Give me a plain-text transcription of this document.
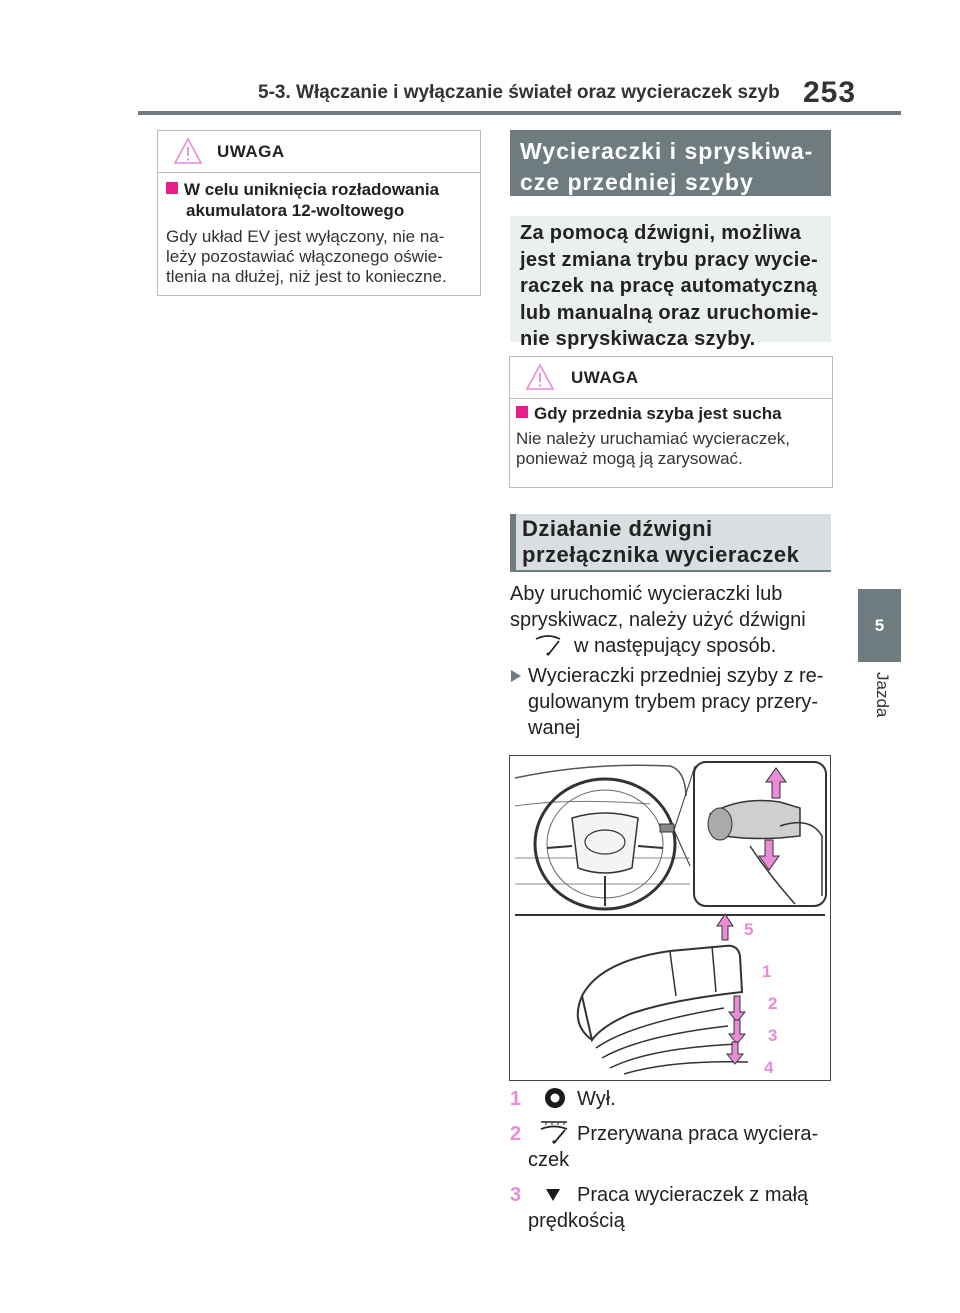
5-3. Włączanie i wyłączanie świateł oraz wycieraczek szyb 253
5
Jazda
UWAGA
W celu uniknięcia rozładowania
akumulatora 12-woltowego
Gdy układ EV jest wyłączony, nie na-
leży pozostawiać włączonego oświe-
tlenia na dłużej, niż jest to konieczne.
Wycieraczki i spryskiwa-
cze przedniej szyby
Za pomocą dźwigni, możliwa
jest zmiana trybu pracy wycie-
raczek na pracę automatyczną
lub manualną oraz uruchomie-
nie spryskiwacza szyby.
UWAGA
Gdy przednia szyba jest sucha
Nie należy uruchamiać wycieraczek,
ponieważ mogą ją zarysować.
Działanie dźwigni
przełącznika wycieraczek
Aby uruchomić wycieraczki lub
spryskiwacz, należy użyć dźwigni
w następujący sposób.
Wycieraczki przedniej szyby z re-
gulowanym trybem pracy przery-
wanej
5
1
2
3
4
1	Wył.
2	Przerywana praca wyciera-
czek
3	Praca wycieraczek z małą
prędkością
